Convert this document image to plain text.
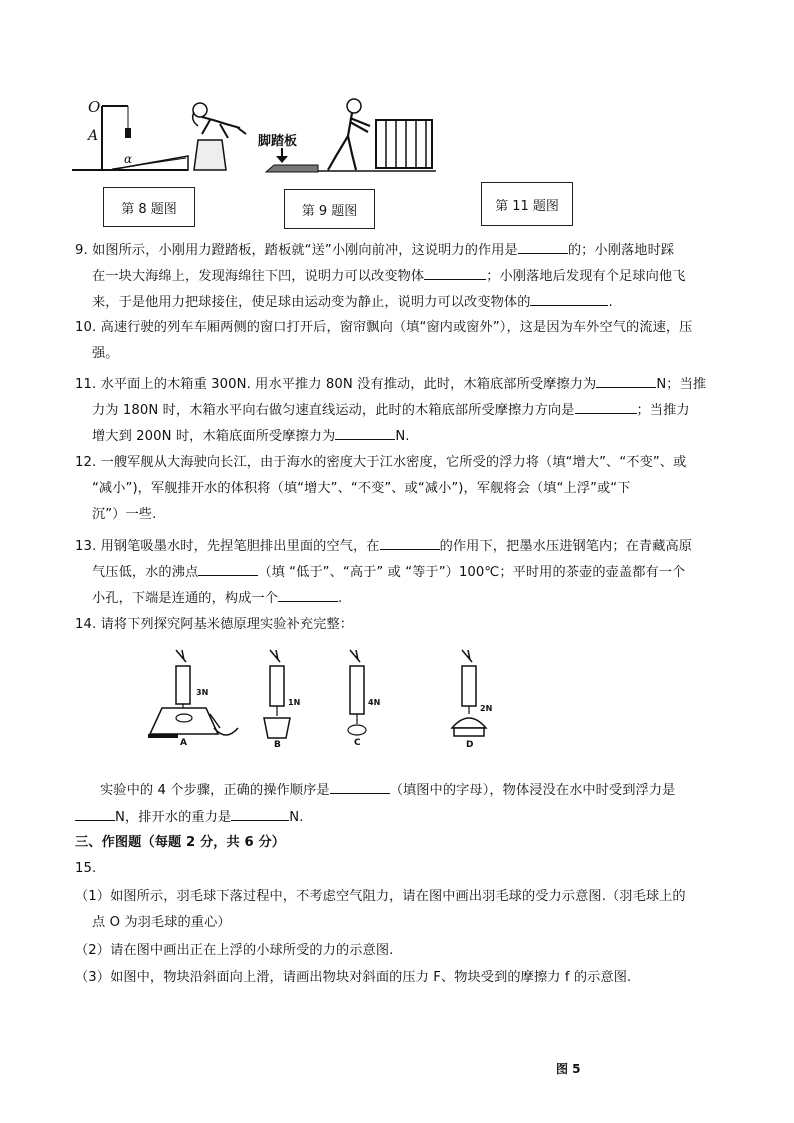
O
A
α
脚踏板
第 8 题图	第 9 题图	第 11 题图
9. 如图所示，小刚用力蹬踏板，踏板就“送”小刚向前冲，这说明力的作用是	的；小刚落地时踩
在一块大海绵上，发现海绵往下凹，说明力可以改变物体	；小刚落地后发现有个足球向他飞
来，于是他用力把球接住，使足球由运动变为静止，说明力可以改变物体的	.
10. 高速行驶的列车车厢两侧的窗口打开后，窗帘飘向（填“窗内或窗外”），这是因为车外空气的流速，压
强。
11. 水平面上的木箱重 300N. 用水平推力 80N 没有推动，此时，木箱底部所受摩擦力为	N；当推
力为 180N 时，木箱水平向右做匀速直线运动，此时的木箱底部所受摩擦力方向是	；当推力
增大到 200N 时，木箱底面所受摩擦力为	N.
12. 一艘军舰从大海驶向长江，由于海水的密度大于江水密度，它所受的浮力将（填“增大”、“不变”、或
“减小”)，军舰排开水的体积将（填“增大”、“不变”、或“减小”)，军舰将会（填“上浮”或“下
沉”）一些.
13. 用钢笔吸墨水时，先捏笔胆排出里面的空气，在	的作用下，把墨水压进钢笔内；在青藏高原
气压低，水的沸点	（填 “低于”、“高于” 或 “等于”）100℃；平时用的茶壶的壶盖都有一个
小孔，下端是连通的，构成一个	.
14. 请将下列探究阿基米德原理实验补充完整：
3N
1N	4N
2N
A	B	C	D
实验中的 4 个步骤，正确的操作顺序是	（填图中的字母），物体浸没在水中时受到浮力是
N，排开水的重力是	N.
三、作图题（每题 2 分，共 6 分）
15.
（1）如图所示，羽毛球下落过程中，不考虑空气阻力，请在图中画出羽毛球的受力示意图.（羽毛球上的
点 O 为羽毛球的重心）
（2）请在图中画出正在上浮的小球所受的力的示意图.
（3）如图中，物块沿斜面向上滑，请画出物块对斜面的压力 F、物块受到的摩擦力 f 的示意图.
图 5
